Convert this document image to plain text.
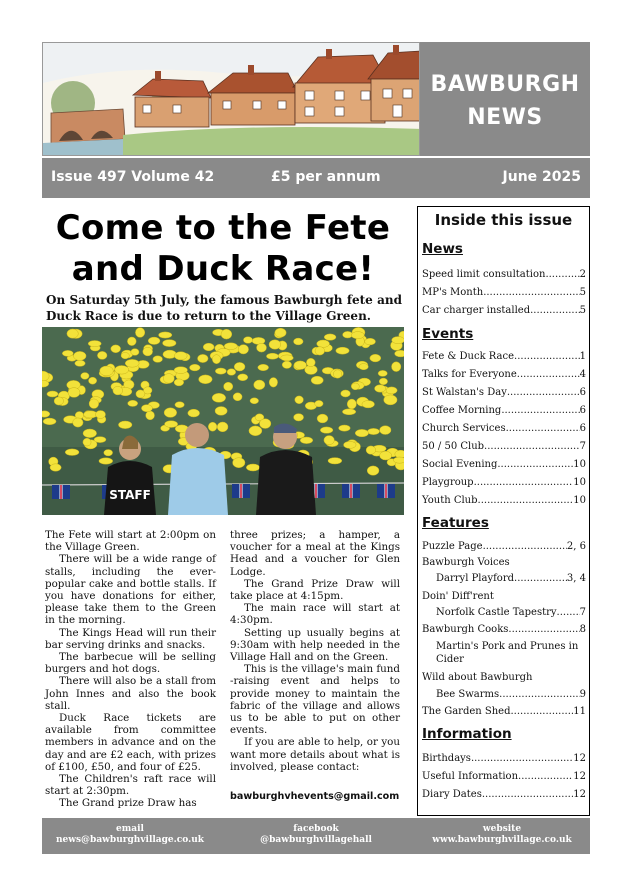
BAWBURGH
NEWS
Issue 497 Volume 42	£5 per annum	June 2025
Come to the Fete
and Duck Race!
On Saturday 5th July, the famous Bawburgh fete and Duck Race is due to return to the Village Green.
STAFF

The Fete will start at 2:00pm on the Village Green.

There will be a wide range of stalls, including the ever-popular cake and bottle stalls. If you have donations for either, please take them to the Green in the morning.

The Kings Head will run their bar serving drinks and snacks.

The barbecue will be selling burgers and hot dogs.

There will also be a stall from John Innes and also the book stall.

Duck Race tickets are available from committee members in advance and on the day and are £2 each, with prizes of £100, £50, and four of £25.

The Children's raft race will start at 2:30pm.

The Grand prize Draw has

three prizes; a hamper, a voucher for a meal at the Kings Head and a voucher for Glen Lodge.

The Grand Prize Draw will take place at 4:15pm.

The main race will start at 4:30pm.

Setting up usually begins at 9:30am with help needed in the Village Hall and on the Green.

This is the village's main fund -raising event and helps to provide money to maintain the fabric of the village and allows us to be able to put on other events.

If you are able to help, or you want more details about what is involved, please contact:

bawburghvhevents@gmail.com
Inside this issue
News
Speed limit consultation .....	2
MP's Month .....	5
Car charger installed .....	5
Events
Fete & Duck Race .....	1
Talks for Everyone .....	4
St Walstan's Day .....	6
Coffee Morning .....	6
Church Services .....	6
50 / 50 Club .....	7
Social Evening .....	10
Playgroup .....	10
Youth Club .....	10
Features
Puzzle Page .....	2, 6
Bawburgh Voices
Darryl Playford .....	3, 4
Doin' Diff'rent
Norfolk Castle Tapestry ..... 7
Bawburgh Cooks .....	8
Martin's Pork and Prunes in
Cider
Wild about Bawburgh
Bee Swarms .....	9
The Garden Shed .....	11
Information
Birthdays .....	12
Useful Information .....	12
Diary Dates .....	12
email
news@bawburghvillage.co.uk
facebook
@bawburghvillagehall
website
www.bawburghvillage.co.uk
